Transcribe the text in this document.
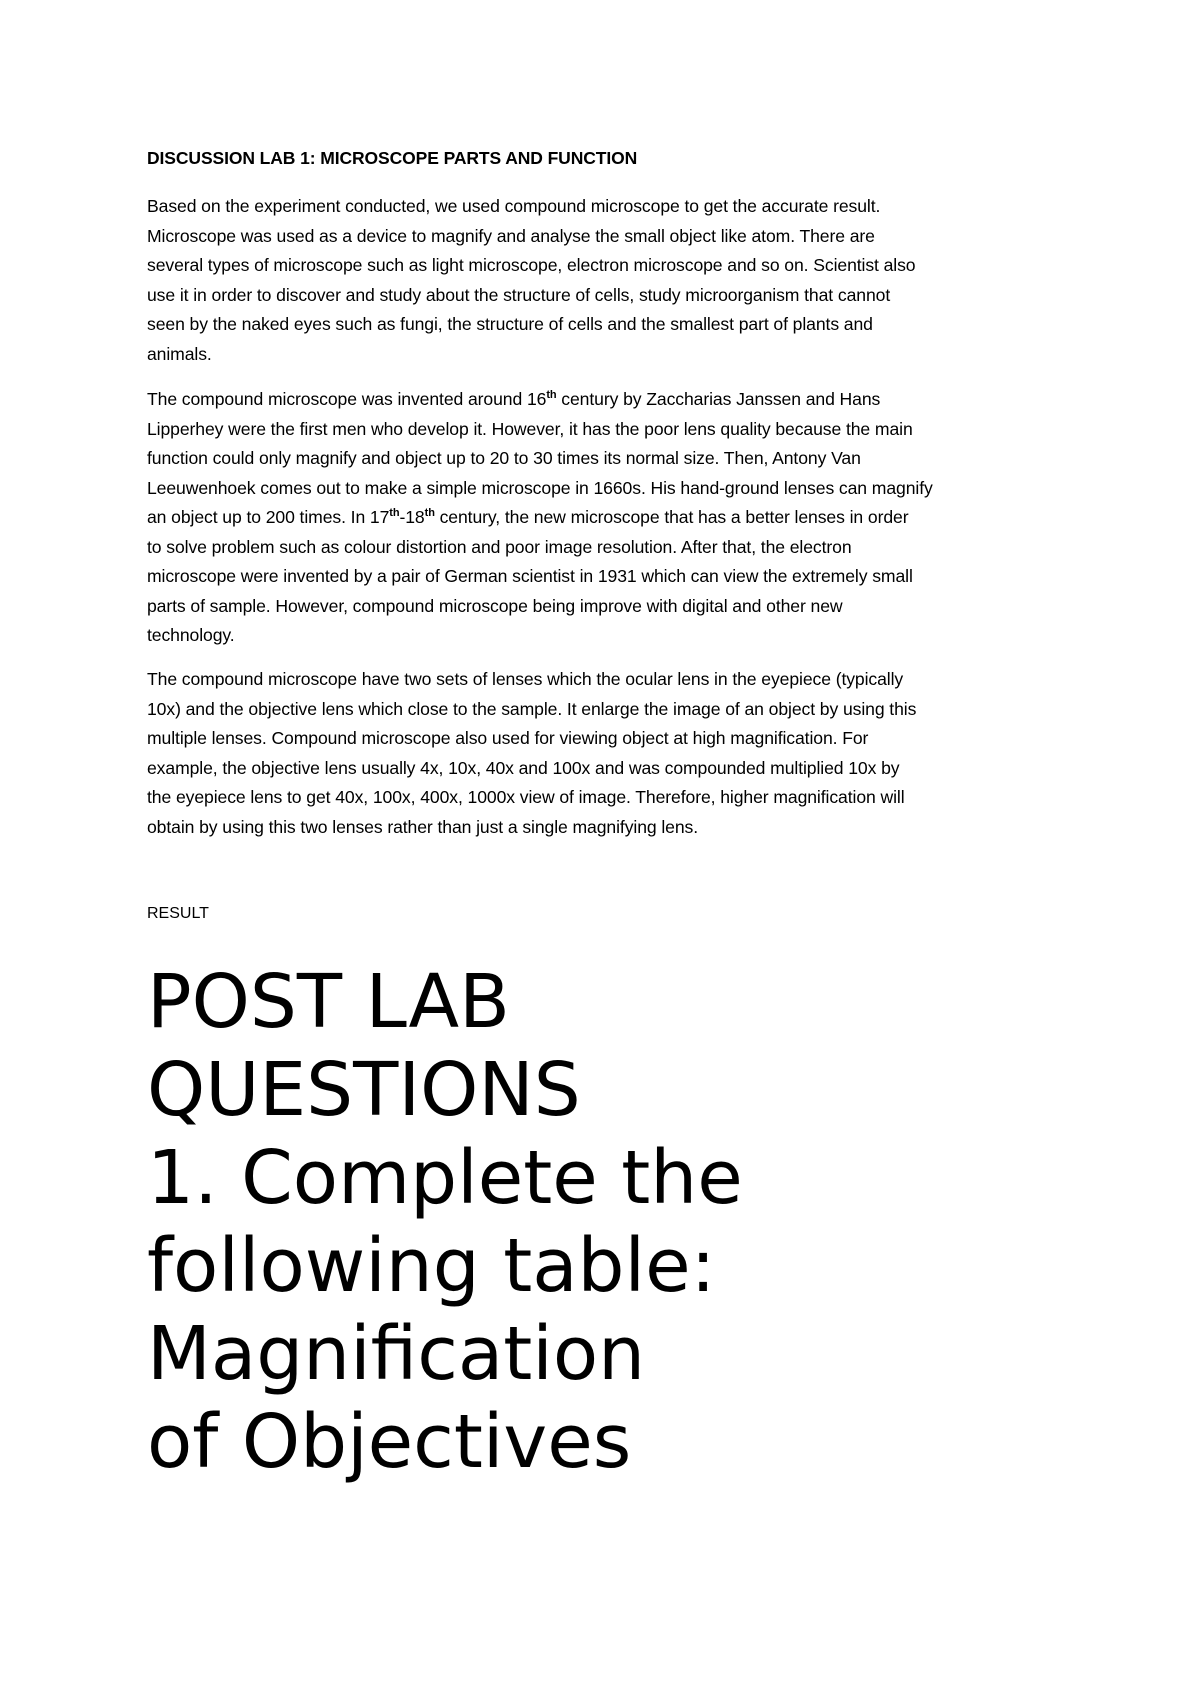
DISCUSSION LAB 1: MICROSCOPE PARTS AND FUNCTION
Based on the experiment conducted, we used compound microscope to get the accurate result.
Microscope was used as a device to magnify and analyse the small object like atom. There are
several types of microscope such as light microscope, electron microscope and so on. Scientist also
use it in order to discover and study about the structure of cells, study microorganism that cannot
seen by the naked eyes such as fungi, the structure of cells and the smallest part of plants and
animals.
The compound microscope was invented around 16th century by Zaccharias Janssen and Hans
Lipperhey were the first men who develop it. However, it has the poor lens quality because the main
function could only magnify and object up to 20 to 30 times its normal size. Then, Antony Van
Leeuwenhoek comes out to make a simple microscope in 1660s. His hand-ground lenses can magnify
an object up to 200 times. In 17th-18th century, the new microscope that has a better lenses in order
to solve problem such as colour distortion and poor image resolution. After that, the electron
microscope were invented by a pair of German scientist in 1931 which can view the extremely small
parts of sample. However, compound microscope being improve with digital and other new
technology.
The compound microscope have two sets of lenses which the ocular lens in the eyepiece (typically
10x) and the objective lens which close to the sample. It enlarge the image of an object by using this
multiple lenses. Compound microscope also used for viewing object at high magnification. For
example, the objective lens usually 4x, 10x, 40x and 100x and was compounded multiplied 10x by
the eyepiece lens to get 40x, 100x, 400x, 1000x view of image. Therefore, higher magnification will
obtain by using this two lenses rather than just a single magnifying lens.
RESULT
POST LAB
QUESTIONS
1. Complete the
following table:
Magnification
of Objectives
